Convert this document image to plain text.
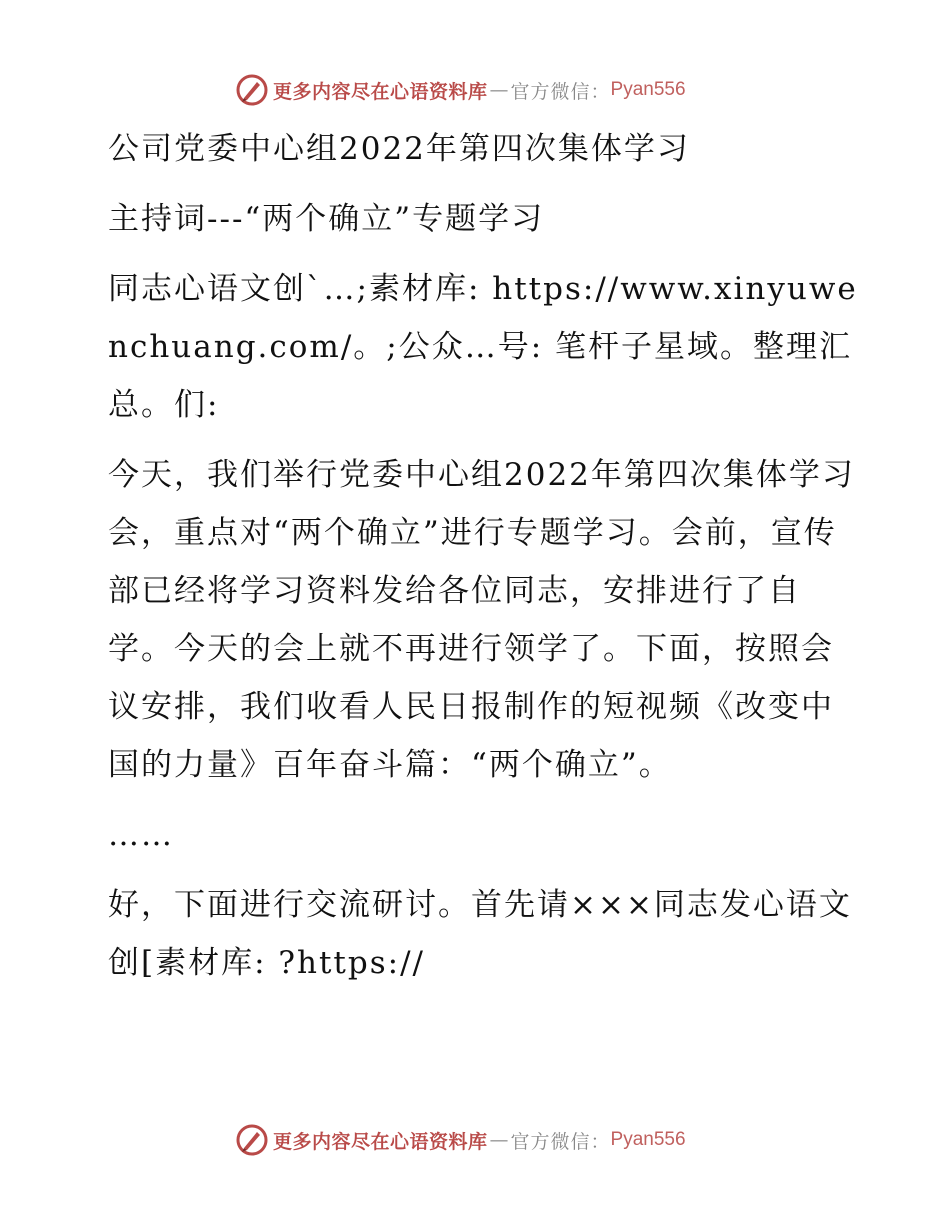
更多内容尽在心语资料库 — 官方微信： Pyan556

公司党委中心组2022年第四次集体学习

主持词---“两个确立”专题学习

同志心语文创`…;素材库: https://www.xinyuwenchuang.com/。;公众…号: 笔杆子星域。整理汇总。们:

今天，我们举行党委中心组2022年第四次集体学习会，重点对“两个确立”进行专题学习。会前，宣传部已经将学习资料发给各位同志，安排进行了自学。今天的会上就不再进行领学了。下面，按照会议安排，我们收看人民日报制作的短视频《改变中国的力量》百年奋斗篇：“两个确立”。

……

好，下面进行交流研讨。首先请×××同志发心语文创[素材库: ?https://

更多内容尽在心语资料库 — 官方微信： Pyan556
